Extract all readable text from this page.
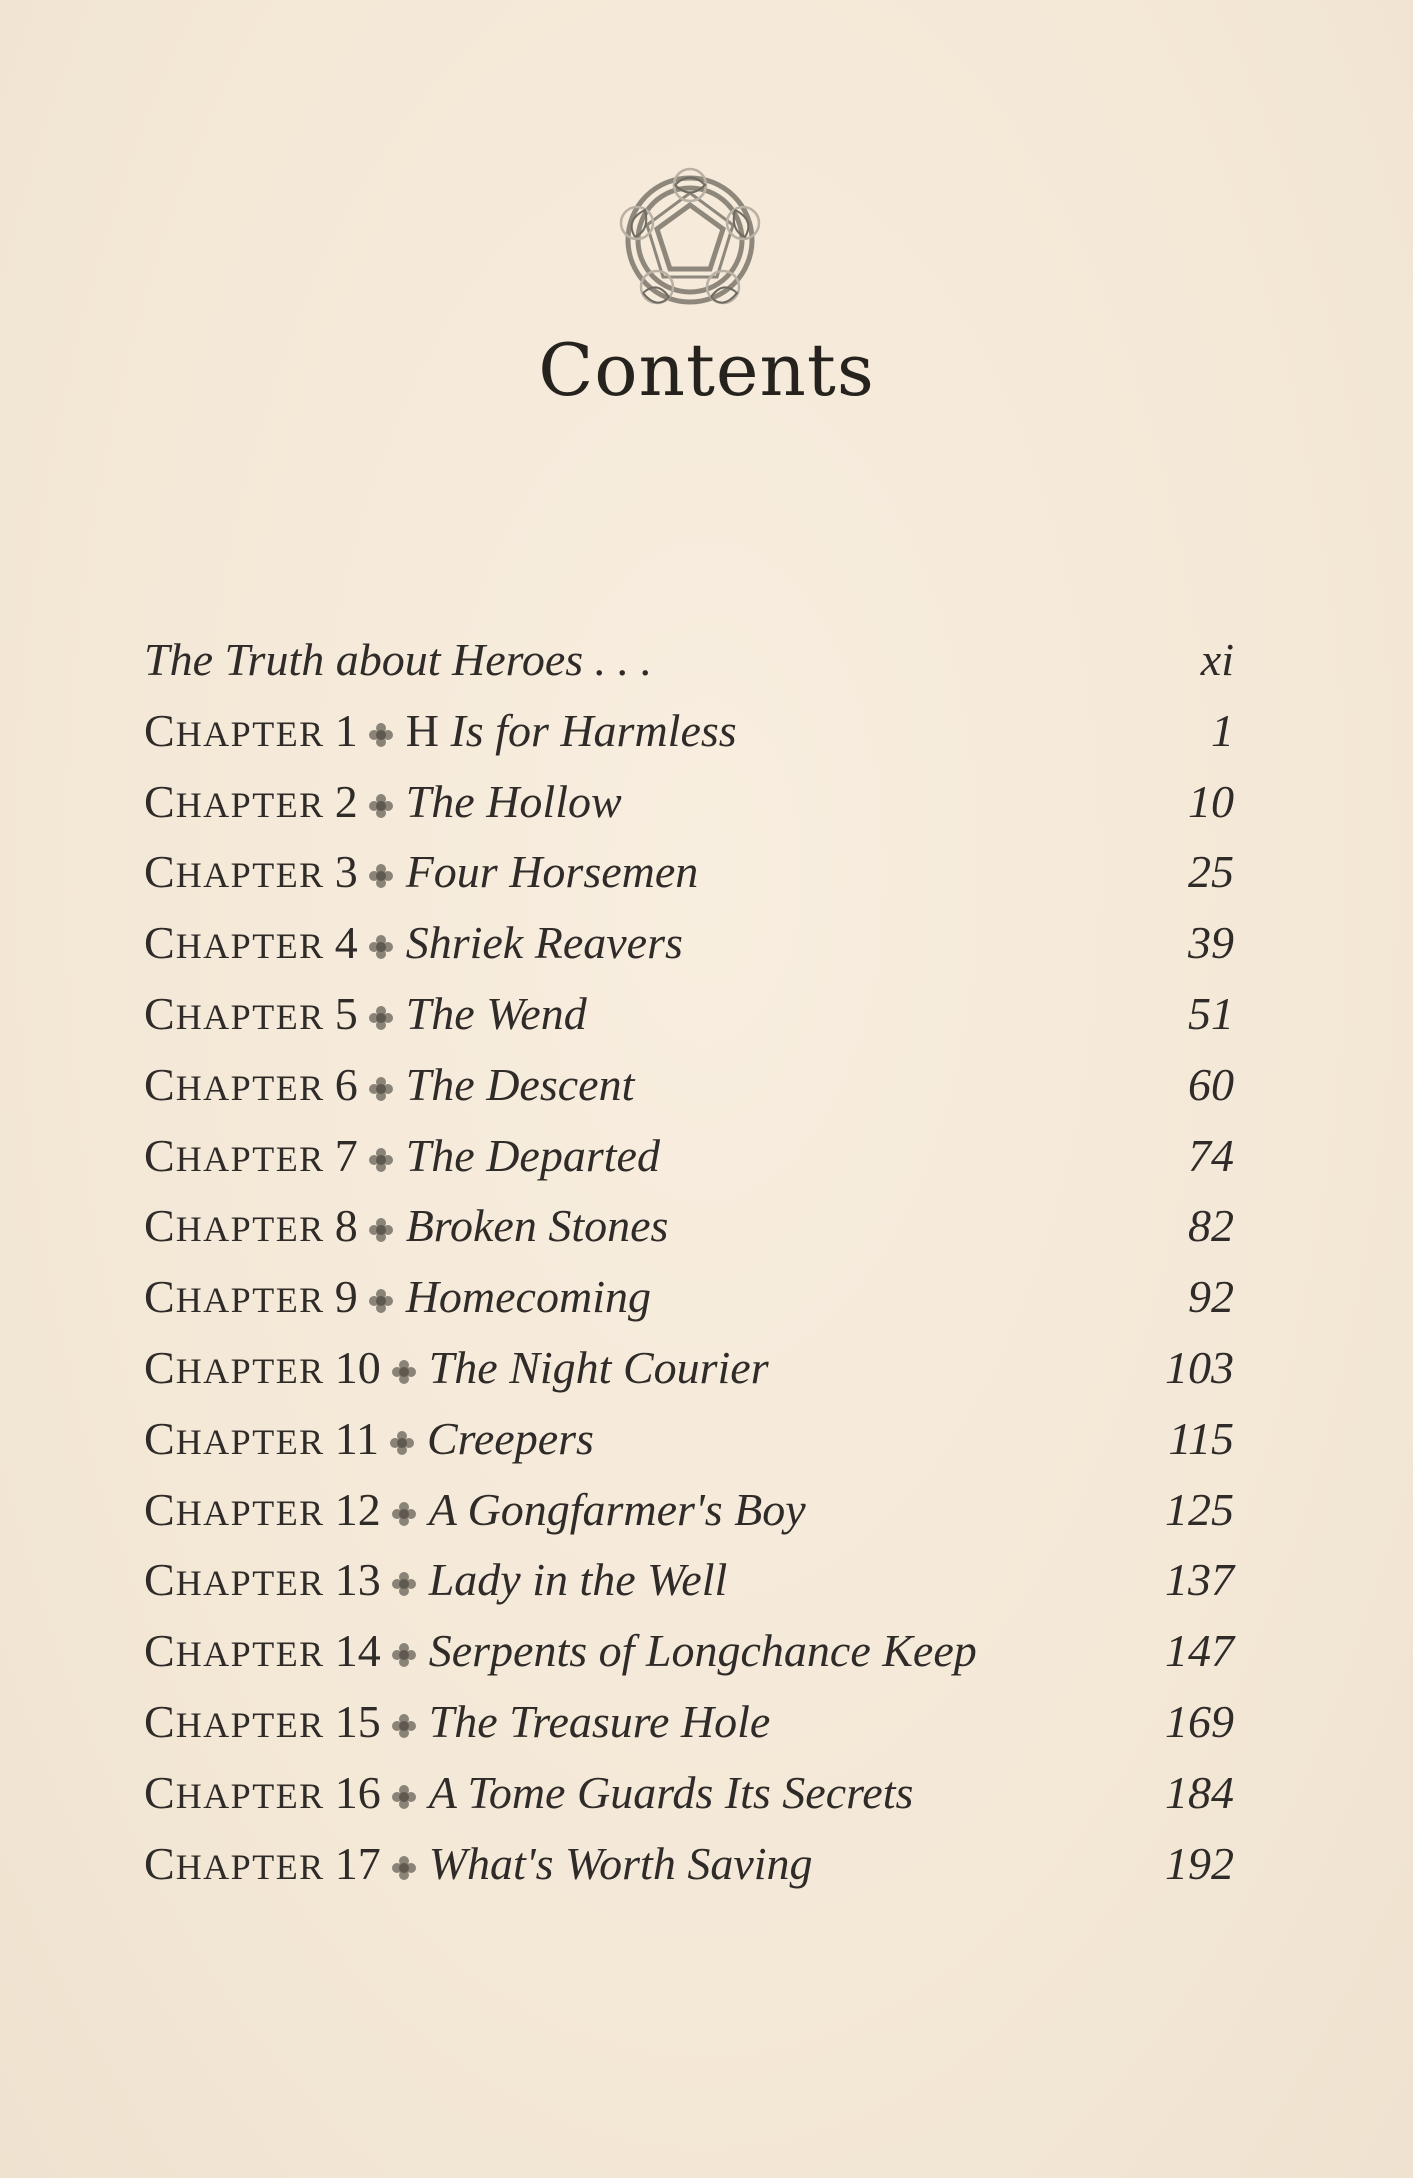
Contents
The Truth about Heroes . . .	xi
CHAPTER 1 H Is for Harmless	1
CHAPTER 2 The Hollow	10
CHAPTER 3 Four Horsemen	25
CHAPTER 4 Shriek Reavers	39
CHAPTER 5 The Wend	51
CHAPTER 6 The Descent	60
CHAPTER 7 The Departed	74
CHAPTER 8 Broken Stones	82
CHAPTER 9 Homecoming	92
CHAPTER 10 The Night Courier	103
CHAPTER 11 Creepers	115
CHAPTER 12 A Gongfarmer's Boy	125
CHAPTER 13 Lady in the Well	137
CHAPTER 14 Serpents of Longchance Keep	147
CHAPTER 15 The Treasure Hole	169
CHAPTER 16 A Tome Guards Its Secrets	184
CHAPTER 17 What's Worth Saving	192
